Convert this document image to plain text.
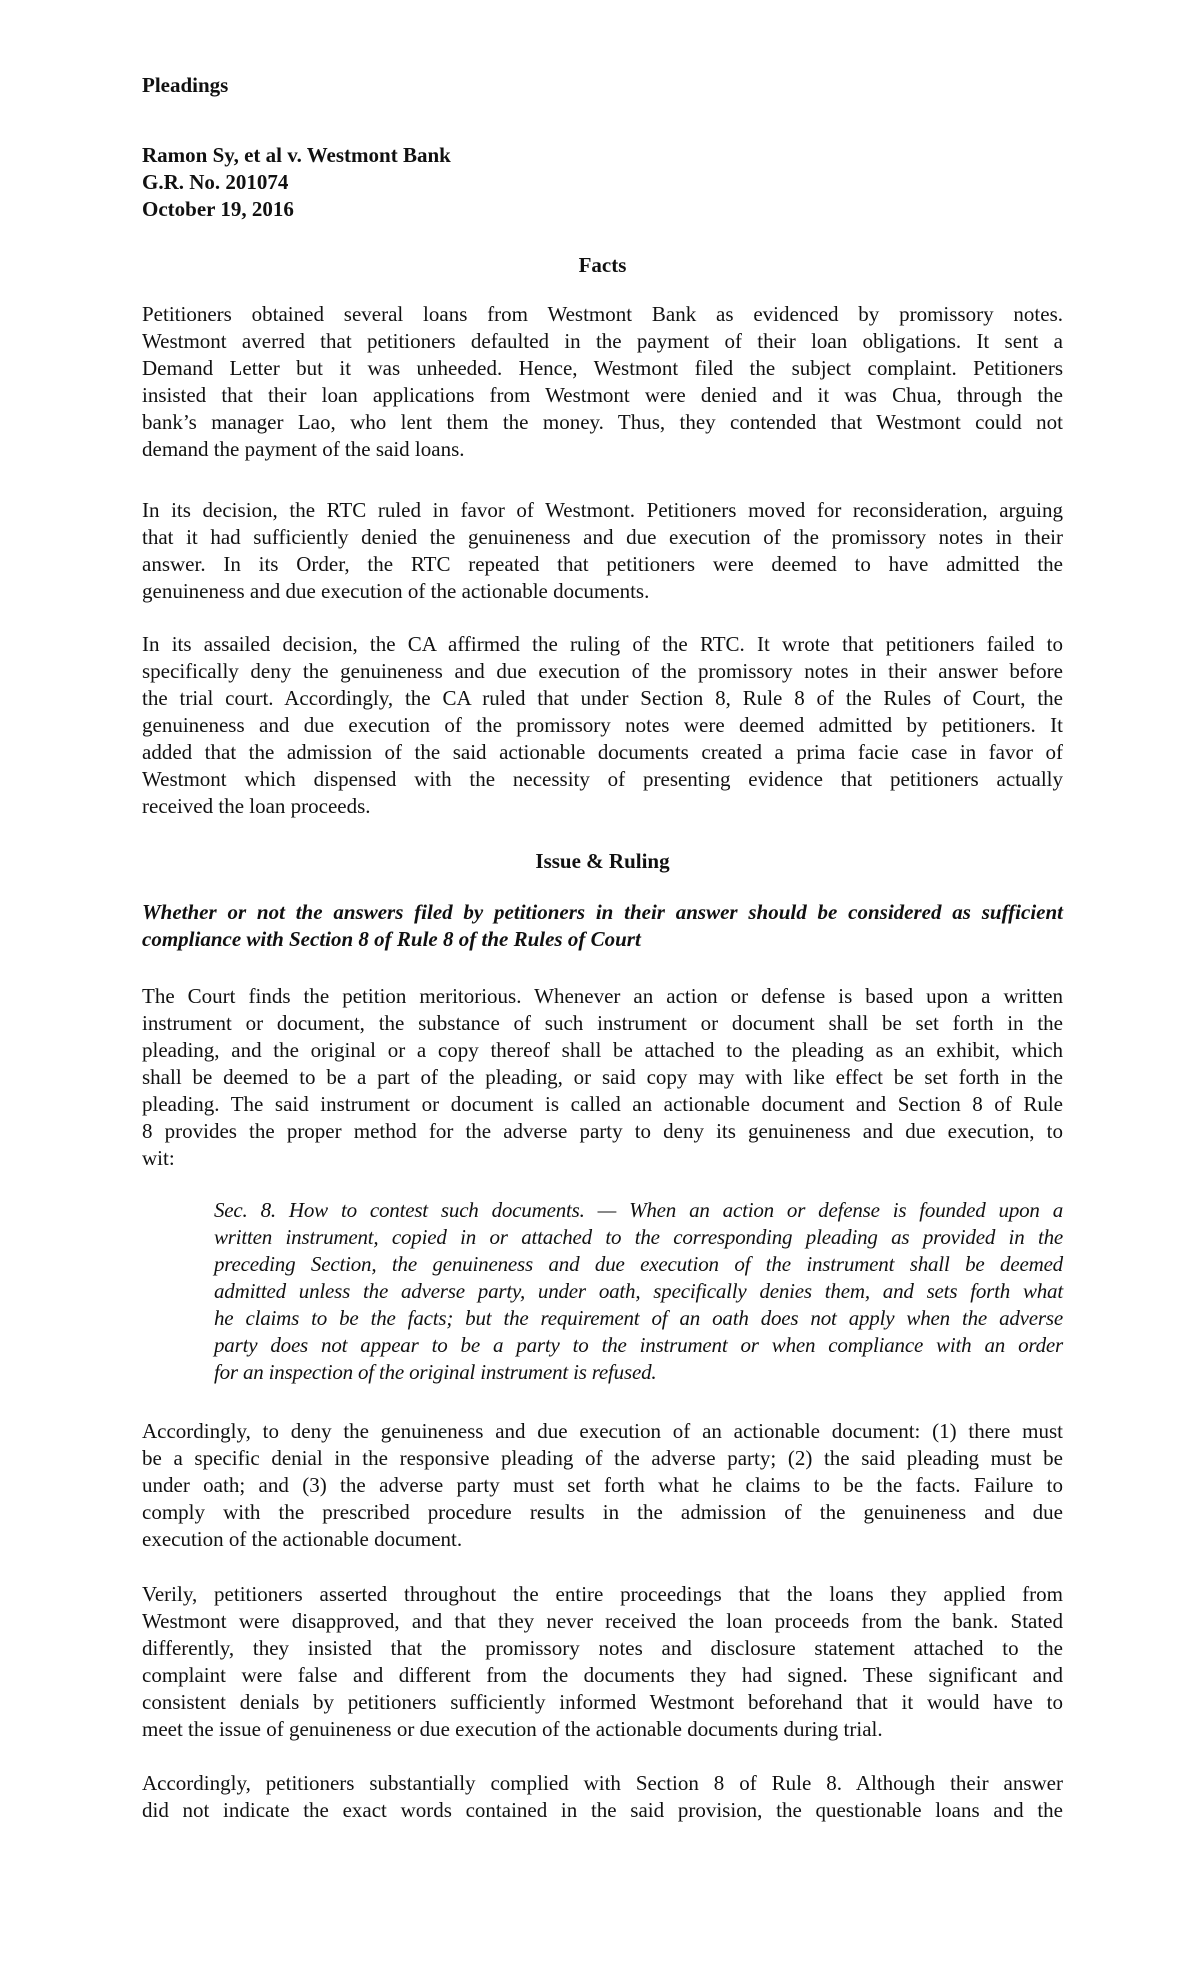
Pleadings
Ramon Sy, et al v. Westmont Bank
G.R. No. 201074
October 19, 2016
Facts
Petitioners obtained several loans from Westmont Bank as evidenced by promissory notes.
Westmont averred that petitioners defaulted in the payment of their loan obligations. It sent a
Demand Letter but it was unheeded. Hence, Westmont filed the subject complaint. Petitioners
insisted that their loan applications from Westmont were denied and it was Chua, through the
bank’s manager Lao, who lent them the money. Thus, they contended that Westmont could not
demand the payment of the said loans.
In its decision, the RTC ruled in favor of Westmont. Petitioners moved for reconsideration, arguing
that it had sufficiently denied the genuineness and due execution of the promissory notes in their
answer. In its Order, the RTC repeated that petitioners were deemed to have admitted the
genuineness and due execution of the actionable documents.
In its assailed decision, the CA affirmed the ruling of the RTC. It wrote that petitioners failed to
specifically deny the genuineness and due execution of the promissory notes in their answer before
the trial court. Accordingly, the CA ruled that under Section 8, Rule 8 of the Rules of Court, the
genuineness and due execution of the promissory notes were deemed admitted by petitioners. It
added that the admission of the said actionable documents created a prima facie case in favor of
Westmont which dispensed with the necessity of presenting evidence that petitioners actually
received the loan proceeds.
Issue & Ruling
Whether or not the answers filed by petitioners in their answer should be considered as sufficient
compliance with Section 8 of Rule 8 of the Rules of Court
The Court finds the petition meritorious. Whenever an action or defense is based upon a written
instrument or document, the substance of such instrument or document shall be set forth in the
pleading, and the original or a copy thereof shall be attached to the pleading as an exhibit, which
shall be deemed to be a part of the pleading, or said copy may with like effect be set forth in the
pleading. The said instrument or document is called an actionable document and Section 8 of Rule
8 provides the proper method for the adverse party to deny its genuineness and due execution, to
wit:
Sec. 8. How to contest such documents. — When an action or defense is founded upon a
written instrument, copied in or attached to the corresponding pleading as provided in the
preceding Section, the genuineness and due execution of the instrument shall be deemed
admitted unless the adverse party, under oath, specifically denies them, and sets forth what
he claims to be the facts; but the requirement of an oath does not apply when the adverse
party does not appear to be a party to the instrument or when compliance with an order
for an inspection of the original instrument is refused.
Accordingly, to deny the genuineness and due execution of an actionable document: (1) there must
be a specific denial in the responsive pleading of the adverse party; (2) the said pleading must be
under oath; and (3) the adverse party must set forth what he claims to be the facts. Failure to
comply with the prescribed procedure results in the admission of the genuineness and due
execution of the actionable document.
Verily, petitioners asserted throughout the entire proceedings that the loans they applied from
Westmont were disapproved, and that they never received the loan proceeds from the bank. Stated
differently, they insisted that the promissory notes and disclosure statement attached to the
complaint were false and different from the documents they had signed. These significant and
consistent denials by petitioners sufficiently informed Westmont beforehand that it would have to
meet the issue of genuineness or due execution of the actionable documents during trial.
Accordingly, petitioners substantially complied with Section 8 of Rule 8. Although their answer
did not indicate the exact words contained in the said provision, the questionable loans and the
